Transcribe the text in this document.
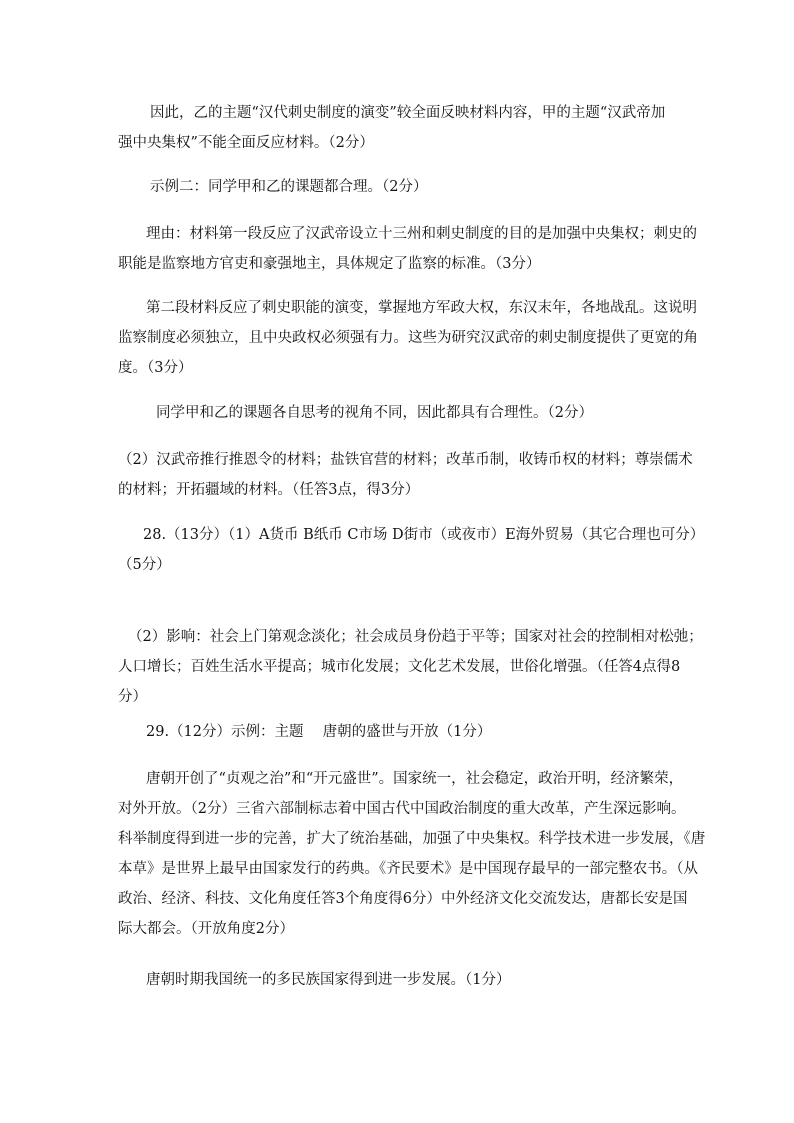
因此，乙的主题“汉代刺史制度的演变”较全面反映材料内容，甲的主题“汉武帝加
强中央集权”不能全面反应材料。（2分）
示例二：同学甲和乙的课题都合理。（2分）
理由：材料第一段反应了汉武帝设立十三州和刺史制度的目的是加强中央集权；刺史的
职能是监察地方官吏和豪强地主，具体规定了监察的标准。（3分）
第二段材料反应了刺史职能的演变，掌握地方军政大权，东汉末年，各地战乱。这说明
监察制度必须独立，且中央政权必须强有力。这些为研究汉武帝的刺史制度提供了更宽的角
度。（3分）
同学甲和乙的课题各自思考的视角不同，因此都具有合理性。（2分）
（2）汉武帝推行推恩令的材料；盐铁官营的材料；改革币制，收铸币权的材料；尊崇儒术
的材料；开拓疆域的材料。（任答3点，得3分）
28.（13分）（1）A货币 B纸币 C市场 D街市（或夜市）E海外贸易（其它合理也可分）
（5分）
（2）影响：社会上门第观念淡化；社会成员身份趋于平等；国家对社会的控制相对松弛；
人口增长；百姓生活水平提高；城市化发展；文化艺术发展，世俗化增强。（任答4点得8
分）
29.（12分）示例：主题　 唐朝的盛世与开放（1分）
唐朝开创了“贞观之治”和“开元盛世”。国家统一，社会稳定，政治开明，经济繁荣，
对外开放。（2分）三省六部制标志着中国古代中国政治制度的重大改革，产生深远影响。
科举制度得到进一步的完善，扩大了统治基础，加强了中央集权。科学技术进一步发展，《唐
本草》是世界上最早由国家发行的药典。《齐民要术》是中国现存最早的一部完整农书。（从
政治、经济、科技、文化角度任答3个角度得6分）中外经济文化交流发达，唐都长安是国
际大都会。（开放角度2分）
唐朝时期我国统一的多民族国家得到进一步发展。（1分）
